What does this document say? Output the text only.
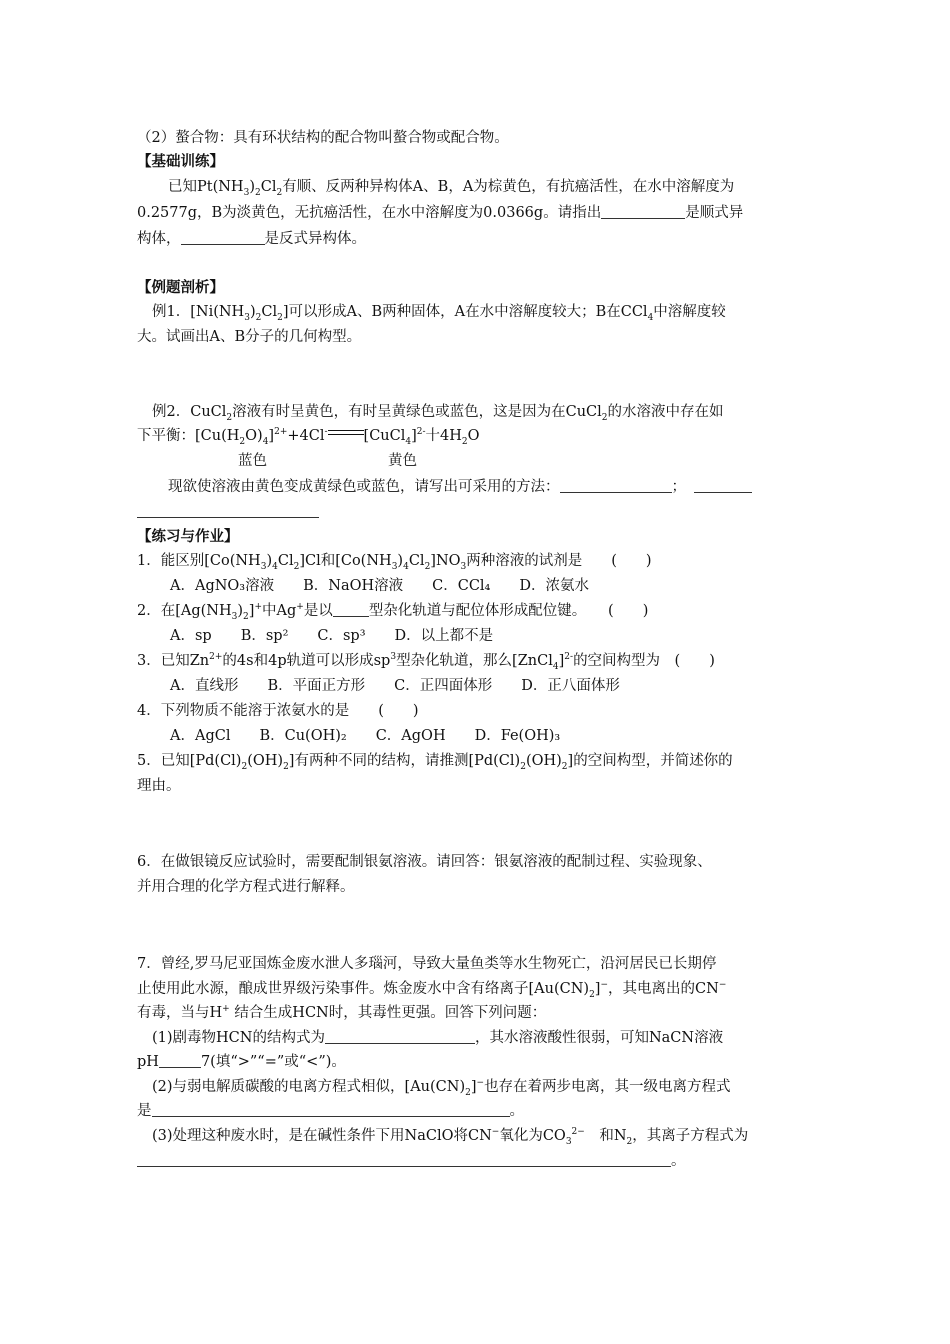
（2）螯合物：具有环状结构的配合物叫螯合物或配合物。
【基础训练】
已知$Pt(NH_3)_2Cl_2$有顺、反两种异构体A、B，A为棕黄色，有抗癌活性，在水中溶解度为
0.2577g，B为淡黄色，无抗癌活性，在水中溶解度为0.0366g。请指出	是顺式异
构体，	是反式异构体。
【例题剖析】
例1．$[Ni(NH_3)_2Cl_2]$可以形成A、B两种固体，A在水中溶解度较大；B在CCl$_4$中溶解度较
大。试画出A、B分子的几何构型。
例2．CuCl$_2$溶液有时呈黄色，有时呈黄绿色或蓝色，这是因为在CuCl$_2$的水溶液中存在如
下平衡：$[Cu(H_2O)_4]^{2+}+4Cl^-$ [CuCl$_4$]$^{2-}$十$4H_2O$
蓝色	黄色
现欲使溶液由黄色变成黄绿色或蓝色，请写出可采用的方法：	；
【练习与作业】
1．能区别$[Co(NH_3)_4Cl_2]Cl$和$[Co(NH_3)_4Cl_2]NO_3$两种溶液的试剂是　　(　　)
A．AgNO₃溶液　　B．NaOH溶液　　C．CCl₄　　D．浓氨水
2．在$[Ag(NH_3)_2]^+$中Ag+是以 型杂化轨道与配位体形成配位键。　　(　　)
A．sp　　B．sp²　　C．sp³　　D．以上都不是
3．已知$Zn^{2+}$的4s和4p轨道可以形成$sp^3$型杂化轨道，那么[ZnCl$_4$]$^{2-}$的空间构型为　(　　)
A．直线形　　B．平面正方形　　C．正四面体形　　D．正八面体形
4．下列物质不能溶于浓氨水的是　　(　　)
A．AgCl　　B．Cu(OH)₂　　C．AgOH　　D．Fe(OH)₃
5．已知$[Pd(Cl)_2(OH)_2]$有两种不同的结构，请推测$[Pd(Cl)_2(OH)_2]$的空间构型，并简述你的
理由。
6．在做银镜反应试验时，需要配制银氨溶液。请回答：银氨溶液的配制过程、实验现象、
并用合理的化学方程式进行解释。
7．曾经,罗马尼亚国炼金废水泄人多瑙河，导致大量鱼类等水生物死亡，沿河居民已长期停
止使用此水源，酿成世界级污染事件。炼金废水中含有络离子$[Au(CN)_2]^-$，其电离出的CN−
有毒，当与H+ 结合生成HCN时，其毒性更强。回答下列问题：
(1)剧毒物HCN的结构式为	，其水溶液酸性很弱，可知NaCN溶液
pH	7(填“>”“=”或“<”)。
(2)与弱电解质碳酸的电离方程式相似，$[Au(CN)_2]^-$也存在着两步电离，其一级电离方程式
是	。
(3)处理这种废水时，是在碱性条件下用NaClO将CN−氧化为$CO_3^{2-}$　 和$N_2$，其离子方程式为
。
